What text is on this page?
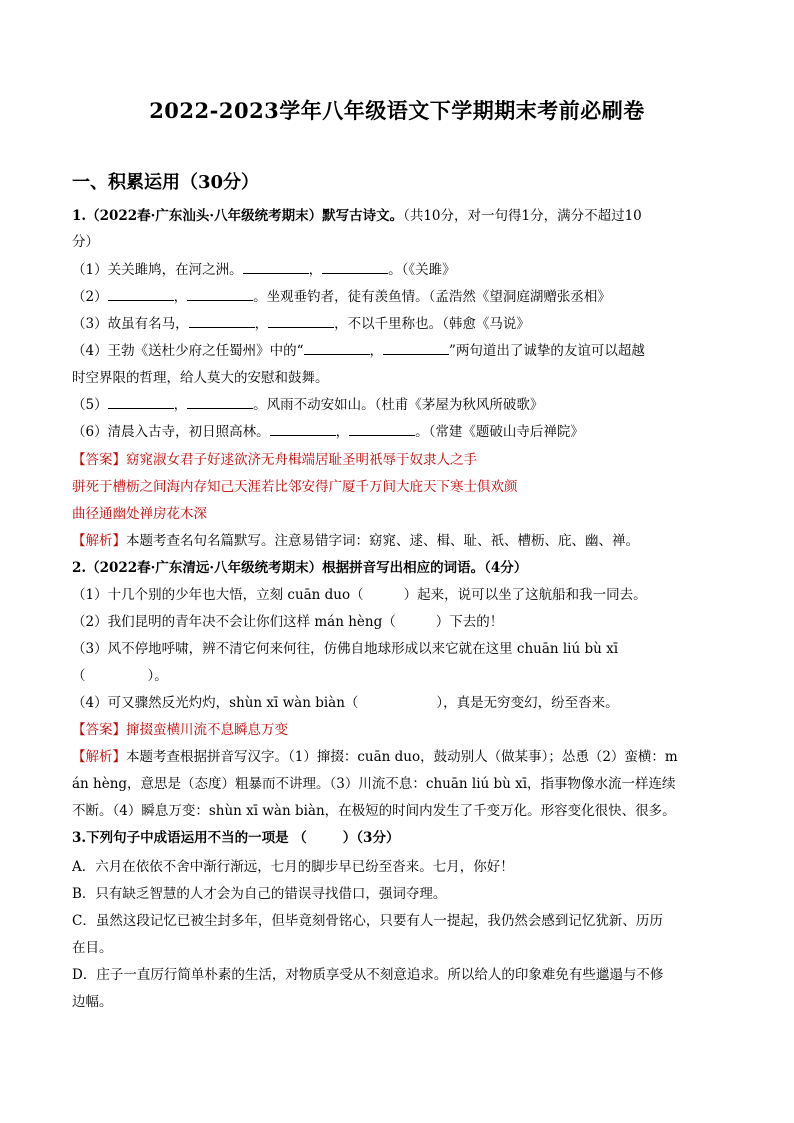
2022-2023学年八年级语文下学期期末考前必刷卷
一、积累运用（30分）
1.（2022春·广东汕头·八年级统考期末）默写古诗文。（共10分，对一句得1分，满分不超过10
分）
（1）关关雎鸠，在河之洲。	，	。（《关雎》
（2）	，	。坐观垂钓者，徒有羡鱼情。（孟浩然《望洞庭湖赠张丞相》
（3）故虽有名马，	，	，不以千里称也。（韩愈《马说》
（4）王勃《送杜少府之任蜀州》中的“	，	”两句道出了诚挚的友谊可以超越
时空界限的哲理，给人莫大的安慰和鼓舞。
（5）	，	。风雨不动安如山。（杜甫《茅屋为秋风所破歌》
（6）清晨入古寺，初日照高林。	，	。（常建《题破山寺后禅院》
【答案】窈窕淑女君子好逑欲济无舟楫端居耻圣明祇辱于奴隶人之手
骈死于槽枥之间海内存知己天涯若比邻安得广厦千万间大庇天下寒士俱欢颜
曲径通幽处禅房花木深
【解析】本题考查名句名篇默写。注意易错字词：窈窕、逑、楫、耻、祇、槽枥、庇、幽、禅。
2.（2022春·广东清远·八年级统考期末）根据拼音写出相应的词语。（4分）
（1）十几个别的少年也大悟，立刻 cuān duo（	）起来，说可以坐了这航船和我一同去。
（2）我们昆明的青年决不会让你们这样 mán hèng（	）下去的！
（3）风不停地呼啸，辨不清它何来何往，仿佛自地球形成以来它就在这里 chuān liú bù xī
（	）。
（4）可又骤然反光灼灼，shùn xī wàn biàn（	），真是无穷变幻，纷至沓来。
【答案】撺掇蛮横川流不息瞬息万变
【解析】本题考查根据拼音写汉字。（1）撺掇：cuān duo，鼓动别人（做某事）；怂恿（2）蛮横：m
án hèng，意思是（态度）粗暴而不讲理。（3）川流不息：chuān liú bù xī，指事物像水流一样连续
不断。（4）瞬息万变：shùn xī wàn biàn，在极短的时间内发生了千变万化。形容变化很快、很多。
3.下列句子中成语运用不当的一项是 （	）（3分）
A．六月在依依不舍中渐行渐远，七月的脚步早已纷至沓来。七月，你好！
B．只有缺乏智慧的人才会为自己的错误寻找借口，强词夺理。
C．虽然这段记忆已被尘封多年，但毕竟刻骨铭心，只要有人一提起，我仍然会感到记忆犹新、历历
在目。
D．庄子一直厉行简单朴素的生活，对物质享受从不刻意追求。所以给人的印象难免有些邋遢与不修
边幅。
